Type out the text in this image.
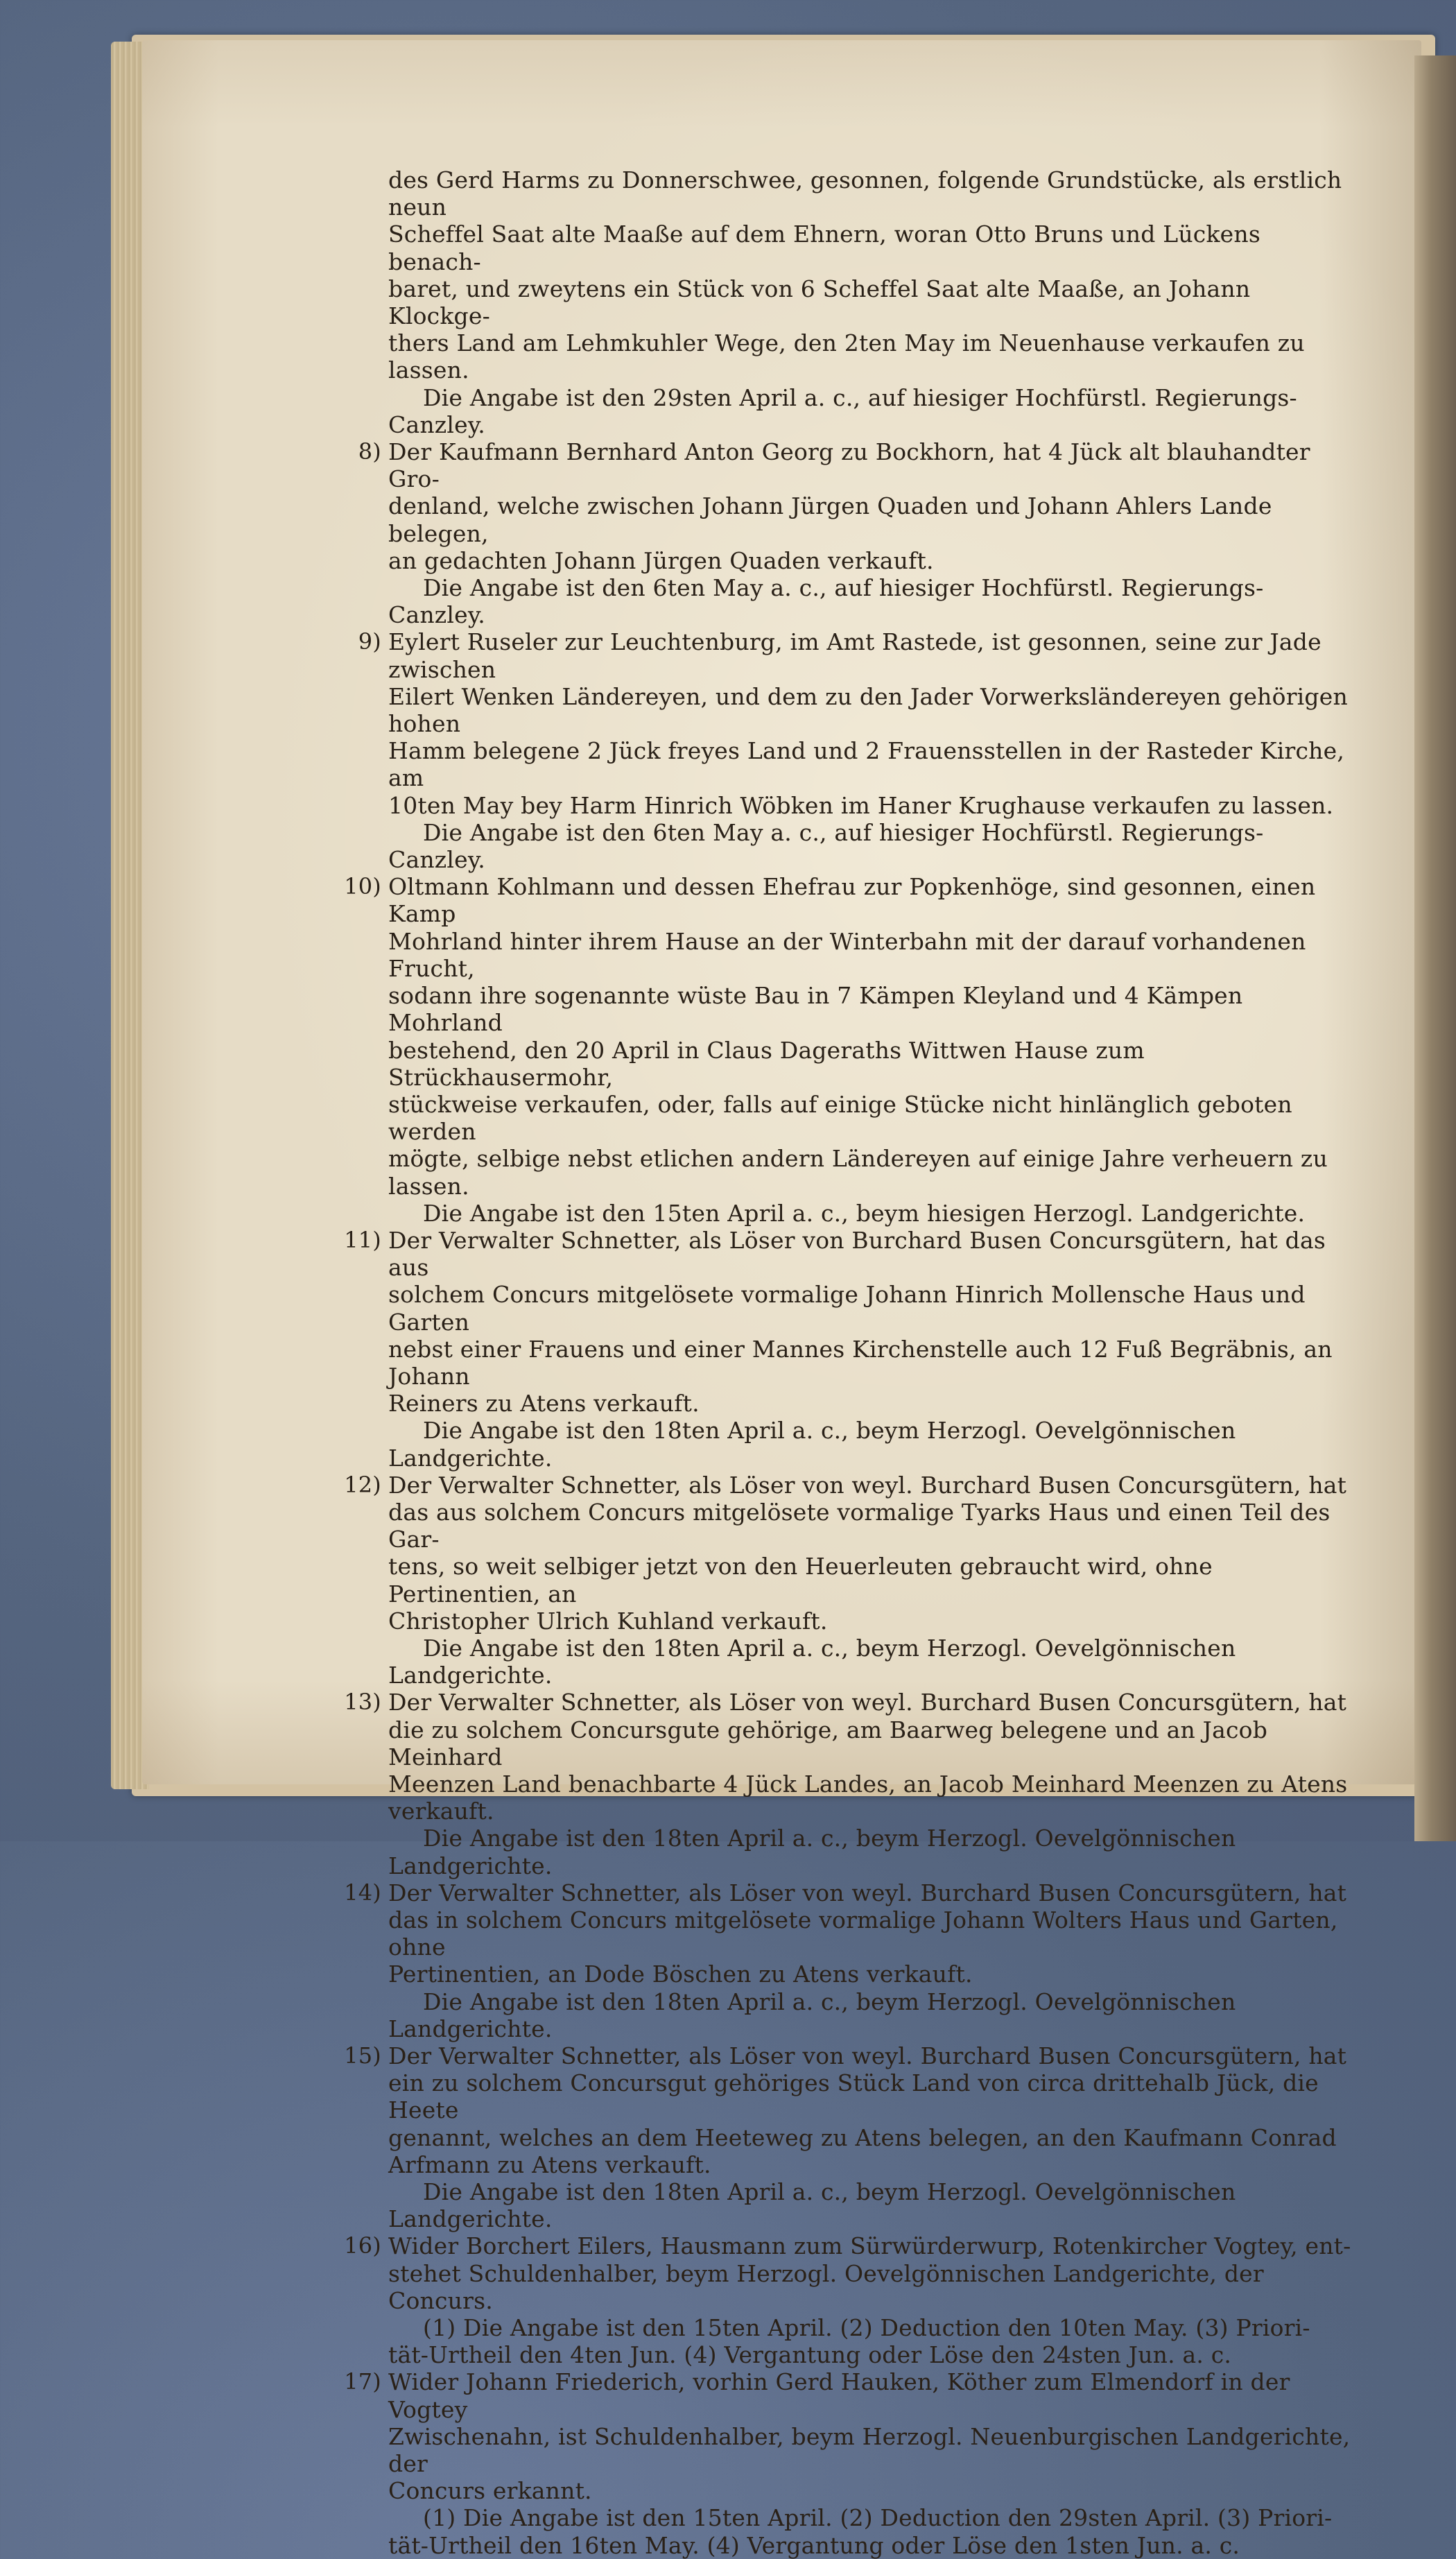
des Gerd Harms zu Donnerschwee, gesonnen, folgende Grundstücke, als erstlich neun

Scheffel Saat alte Maaße auf dem Ehnern, woran Otto Bruns und Lückens benach-

baret, und zweytens ein Stück von 6 Scheffel Saat alte Maaße, an Johann Klockge-

thers Land am Lehmkuhler Wege, den 2ten May im Neuenhause verkaufen zu lassen.

Die Angabe ist den 29sten April a. c., auf hiesiger Hochfürstl. Regierungs-Canzley.

8) Der Kaufmann Bernhard Anton Georg zu Bockhorn, hat 4 Jück alt blauhandter Gro-

denland, welche zwischen Johann Jürgen Quaden und Johann Ahlers Lande belegen,

an gedachten Johann Jürgen Quaden verkauft.

Die Angabe ist den 6ten May a. c., auf hiesiger Hochfürstl. Regierungs-Canzley.

9) Eylert Ruseler zur Leuchtenburg, im Amt Rastede, ist gesonnen, seine zur Jade zwischen

Eilert Wenken Ländereyen, und dem zu den Jader Vorwerksländereyen gehörigen hohen

Hamm belegene 2 Jück freyes Land und 2 Frauensstellen in der Rasteder Kirche, am

10ten May bey Harm Hinrich Wöbken im Haner Krughause verkaufen zu lassen.

Die Angabe ist den 6ten May a. c., auf hiesiger Hochfürstl. Regierungs-Canzley.

10) Oltmann Kohlmann und dessen Ehefrau zur Popkenhöge, sind gesonnen, einen Kamp

Mohrland hinter ihrem Hause an der Winterbahn mit der darauf vorhandenen Frucht,

sodann ihre sogenannte wüste Bau in 7 Kämpen Kleyland und 4 Kämpen Mohrland

bestehend, den 20 April in Claus Dageraths Wittwen Hause zum Strückhausermohr,

stückweise verkaufen, oder, falls auf einige Stücke nicht hinlänglich geboten werden

mögte, selbige nebst etlichen andern Ländereyen auf einige Jahre verheuern zu lassen.

Die Angabe ist den 15ten April a. c., beym hiesigen Herzogl. Landgerichte.

11) Der Verwalter Schnetter, als Löser von Burchard Busen Concursgütern, hat das aus

solchem Concurs mitgelösete vormalige Johann Hinrich Mollensche Haus und Garten

nebst einer Frauens und einer Mannes Kirchenstelle auch 12 Fuß Begräbnis, an Johann

Reiners zu Atens verkauft.

Die Angabe ist den 18ten April a. c., beym Herzogl. Oevelgönnischen Landgerichte.

12) Der Verwalter Schnetter, als Löser von weyl. Burchard Busen Concursgütern, hat

das aus solchem Concurs mitgelösete vormalige Tyarks Haus und einen Teil des Gar-

tens, so weit selbiger jetzt von den Heuerleuten gebraucht wird, ohne Pertinentien, an

Christopher Ulrich Kuhland verkauft.

Die Angabe ist den 18ten April a. c., beym Herzogl. Oevelgönnischen Landgerichte.

13) Der Verwalter Schnetter, als Löser von weyl. Burchard Busen Concursgütern, hat

die zu solchem Concursgute gehörige, am Baarweg belegene und an Jacob Meinhard

Meenzen Land benachbarte 4 Jück Landes, an Jacob Meinhard Meenzen zu Atens

verkauft.

Die Angabe ist den 18ten April a. c., beym Herzogl. Oevelgönnischen Landgerichte.

14) Der Verwalter Schnetter, als Löser von weyl. Burchard Busen Concursgütern, hat

das in solchem Concurs mitgelösete vormalige Johann Wolters Haus und Garten, ohne

Pertinentien, an Dode Böschen zu Atens verkauft.

Die Angabe ist den 18ten April a. c., beym Herzogl. Oevelgönnischen Landgerichte.

15) Der Verwalter Schnetter, als Löser von weyl. Burchard Busen Concursgütern, hat

ein zu solchem Concursgut gehöriges Stück Land von circa drittehalb Jück, die Heete

genannt, welches an dem Heeteweg zu Atens belegen, an den Kaufmann Conrad

Arfmann zu Atens verkauft.

Die Angabe ist den 18ten April a. c., beym Herzogl. Oevelgönnischen Landgerichte.

16) Wider Borchert Eilers, Hausmann zum Sürwürderwurp, Rotenkircher Vogtey, ent-

stehet Schuldenhalber, beym Herzogl. Oevelgönnischen Landgerichte, der Concurs.

(1) Die Angabe ist den 15ten April. (2) Deduction den 10ten May. (3) Priori-

tät-Urtheil den 4ten Jun. (4) Vergantung oder Löse den 24sten Jun. a. c.

17) Wider Johann Friederich, vorhin Gerd Hauken, Köther zum Elmendorf in der Vogtey

Zwischenahn, ist Schuldenhalber, beym Herzogl. Neuenburgischen Landgerichte, der

Concurs erkannt.

(1) Die Angabe ist den 15ten April. (2) Deduction den 29sten April. (3) Priori-

tät-Urtheil den 16ten May. (4) Vergantung oder Löse den 1sten Jun. a. c.
